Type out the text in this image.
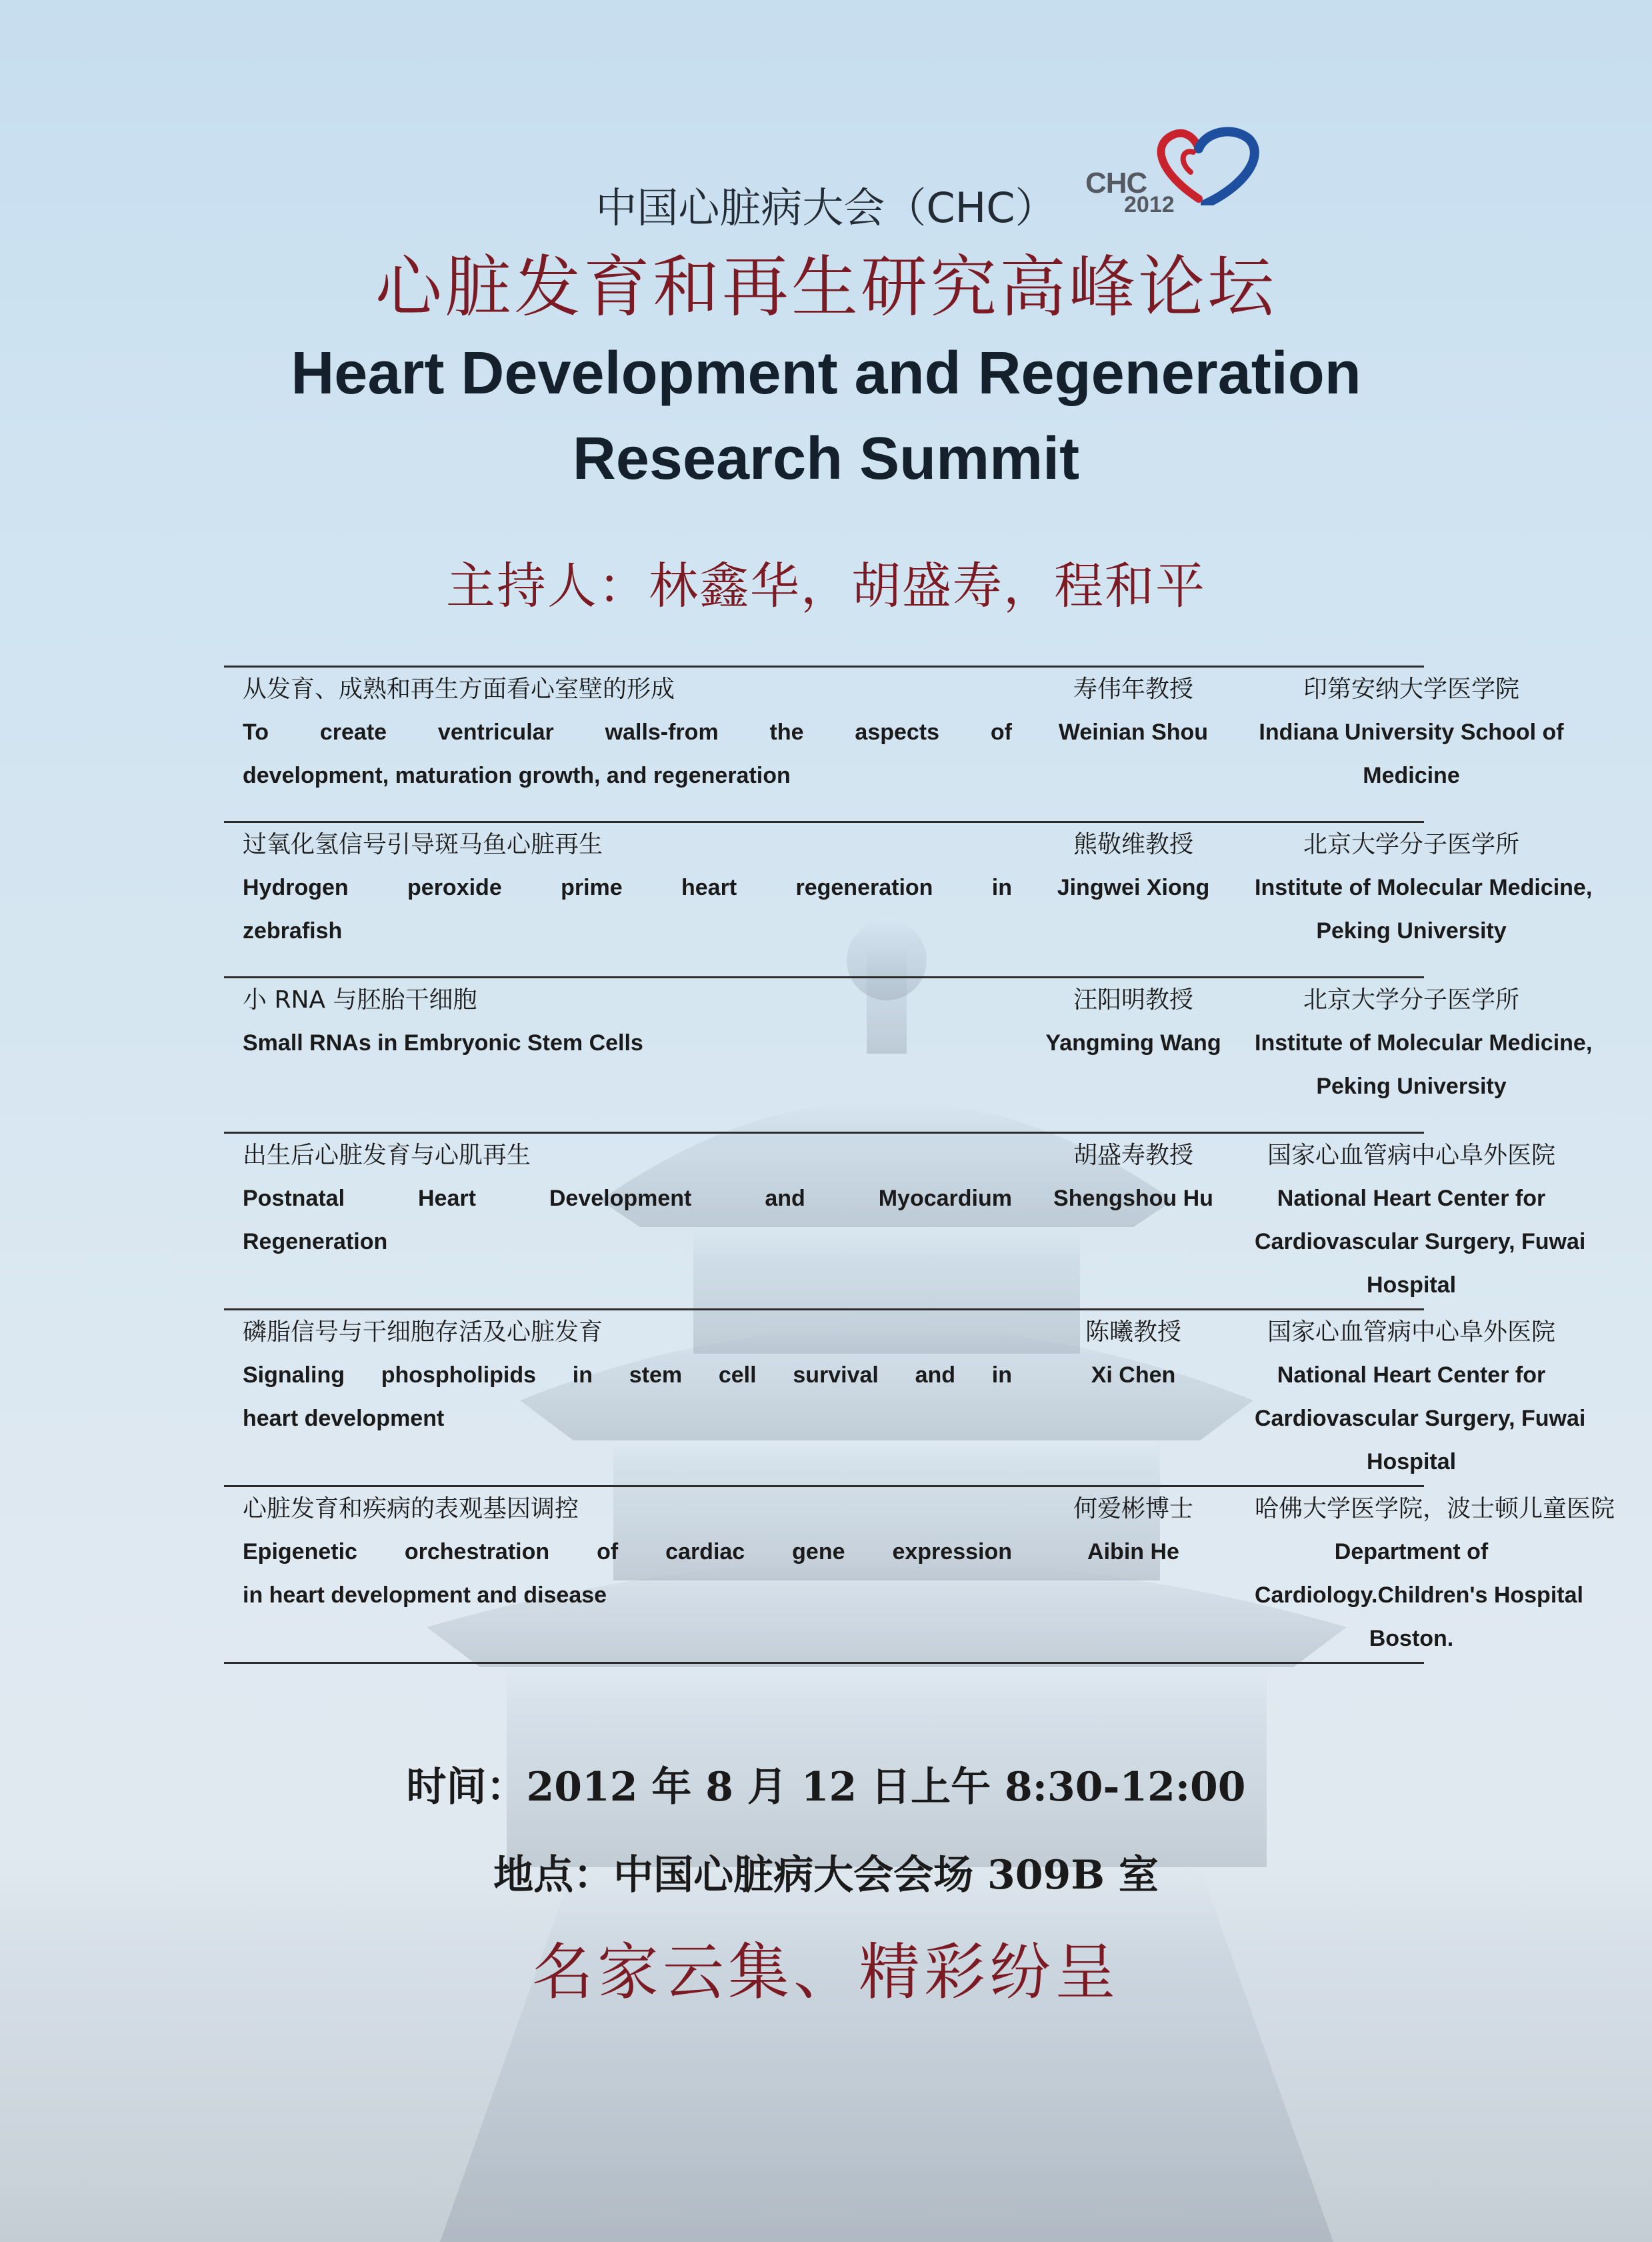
CHC
2012
中国心脏病大会（CHC）
心脏发育和再生研究高峰论坛
Heart Development and Regeneration
Research Summit
主持人：林鑫华，胡盛寿，程和平
从发育、成熟和再生方面看心室壁的形成
To create ventricular walls-from the aspects of
development, maturation growth, and regeneration
寿伟年教授
Weinian Shou
印第安纳大学医学院
Indiana University School of
Medicine
过氧化氢信号引导斑马鱼心脏再生
Hydrogen peroxide prime heart regeneration in
zebrafish
熊敬维教授
Jingwei Xiong
北京大学分子医学所
Institute of Molecular Medicine,
Peking University
小 RNA 与胚胎干细胞
Small RNAs in Embryonic Stem Cells
汪阳明教授
Yangming Wang
北京大学分子医学所
Institute of Molecular Medicine,
Peking University
出生后心脏发育与心肌再生
Postnatal Heart Development and Myocardium
Regeneration
胡盛寿教授
Shengshou Hu
国家心血管病中心阜外医院
National Heart Center for
Cardiovascular Surgery, Fuwai
Hospital
磷脂信号与干细胞存活及心脏发育
Signaling phospholipids in stem cell survival and in
heart development
陈曦教授
Xi Chen
国家心血管病中心阜外医院
National Heart Center for
Cardiovascular Surgery, Fuwai
Hospital
心脏发育和疾病的表观基因调控
Epigenetic orchestration of cardiac gene expression
in heart development and disease
何爱彬博士
Aibin He
哈佛大学医学院，波士顿儿童医院
Department of
Cardiology.Children's Hospital
Boston.
时间：2012 年 8 月 12 日上午 8:30-12:00
地点：中国心脏病大会会场 309B 室
名家云集、精彩纷呈
